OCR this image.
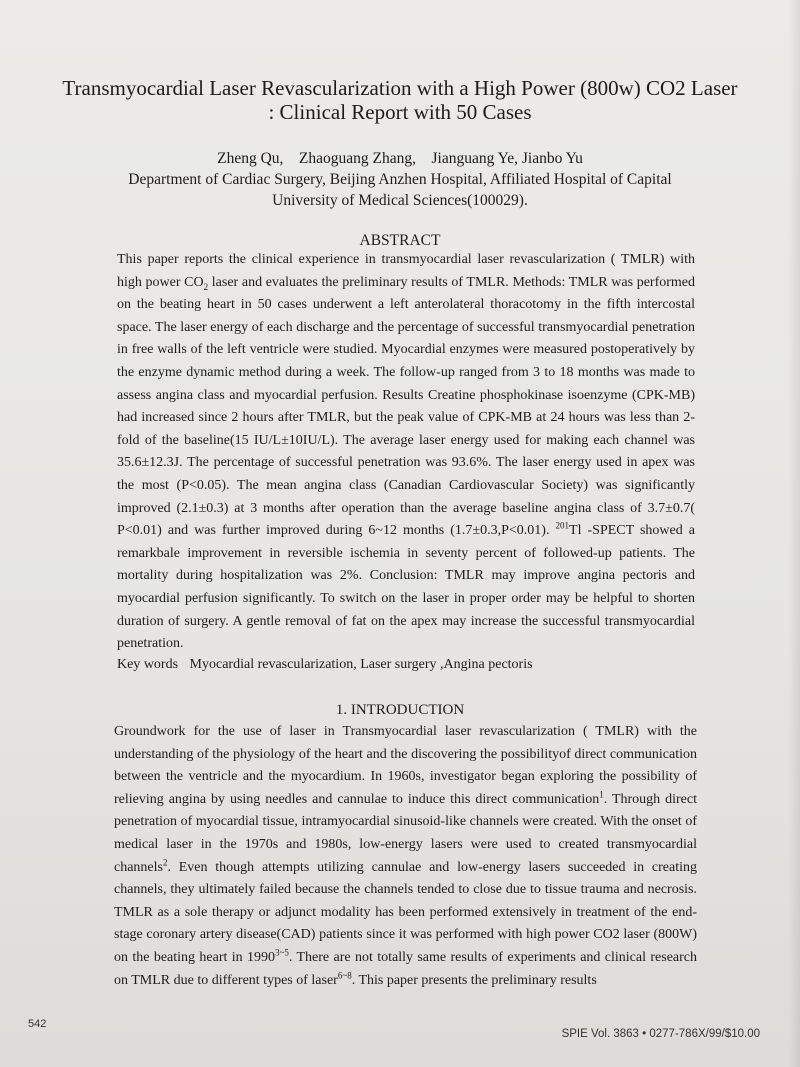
Transmyocardial Laser Revascularization with a High Power (800w) CO2 Laser : Clinical Report with 50 Cases
Zheng Qu,    Zhaoguang Zhang,    Jianguang Ye, Jianbo Yu
Department of Cardiac Surgery, Beijing Anzhen Hospital, Affiliated Hospital of Capital
University of Medical Sciences(100029).
ABSTRACT

This paper reports the clinical experience in transmyocardial laser revascularization ( TMLR) with high power $CO_2$ laser and evaluates the preliminary results of TMLR. Methods: TMLR was performed on the beating heart in 50 cases underwent a left anterolateral thoracotomy in the fifth intercostal space. The laser energy of each discharge and the percentage of successful transmyocardial penetration in free walls of the left ventricle were studied. Myocardial enzymes were measured postoperatively by the enzyme dynamic method during a week. The follow-up ranged from 3 to 18 months was made to assess angina class and myocardial perfusion. Results Creatine phosphokinase isoenzyme (CPK-MB) had increased since 2 hours after TMLR, but the peak value of CPK-MB at 24 hours was less than 2-fold of the baseline(15 IU/L±10IU/L). The average laser energy used for making each channel was 35.6±12.3J. The percentage of successful penetration was 93.6%. The laser energy used in apex was the most (P<0.05). The mean angina class (Canadian Cardiovascular Society) was significantly improved (2.1±0.3) at 3 months after operation than the average baseline angina class of 3.7±0.7( P<0.01) and was further improved during 6~12 months (1.7±0.3,P<0.01). $^{201}$Tl -SPECT showed a remarkbale improvement in reversible ischemia in seventy percent of followed-up patients. The mortality during hospitalization was 2%. Conclusion: TMLR may improve angina pectoris and myocardial perfusion significantly. To switch on the laser in proper order may be helpful to shorten duration of surgery. A gentle removal of fat on the apex may increase the successful transmyocardial penetration.

Key words Myocardial revascularization, Laser surgery ,Angina pectoris
1. INTRODUCTION

Groundwork for the use of laser in Transmyocardial laser revascularization ( TMLR) with the understanding of the physiology of the heart and the discovering the possibilityof direct communication between the ventricle and the myocardium. In 1960s, investigator began exploring the possibility of relieving angina by using needles and cannulae to induce this direct communication$^1$. Through direct penetration of myocardial tissue, intramyocardial sinusoid-like channels were created. With the onset of medical laser in the 1970s and 1980s, low-energy lasers were used to created transmyocardial channels$^2$. Even though attempts utilizing cannulae and low-energy lasers succeeded in creating channels, they ultimately failed because the channels tended to close due to tissue trauma and necrosis. TMLR as a sole therapy or adjunct modality has been performed extensively in treatment of the end-stage coronary artery disease(CAD) patients since it was performed with high power CO2 laser (800W) on the beating heart in $1990^{3\sim 5}$. There are not totally same results of experiments and clinical research on TMLR due to different types of laser$^{6\sim 8}$. This paper presents the preliminary results

542
SPIE Vol. 3863 • 0277-786X/99/$10.00
